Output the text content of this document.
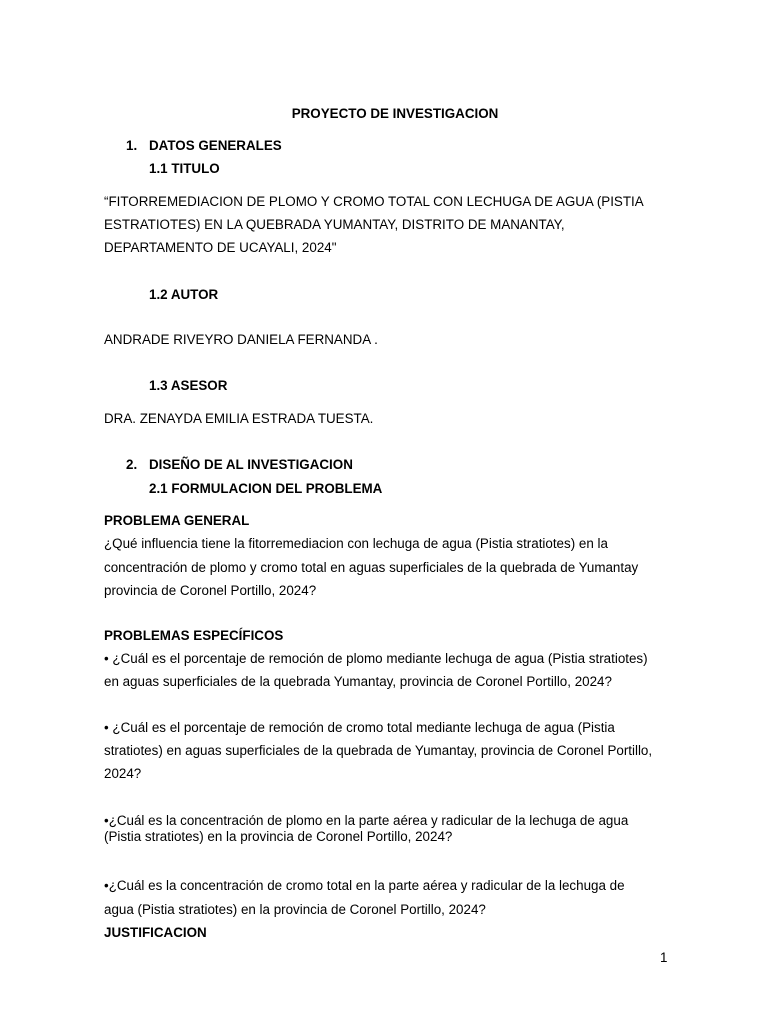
PROYECTO DE INVESTIGACION
1. DATOS GENERALES
1.1 TITULO
“FITORREMEDIACION DE PLOMO Y CROMO TOTAL CON LECHUGA DE AGUA (PISTIA
ESTRATIOTES) EN LA QUEBRADA YUMANTAY, DISTRITO DE MANANTAY,
DEPARTAMENTO DE UCAYALI, 2024"
1.2 AUTOR
ANDRADE RIVEYRO DANIELA FERNANDA .
1.3 ASESOR
DRA. ZENAYDA EMILIA ESTRADA TUESTA.
2. DISEÑO DE AL INVESTIGACION
2.1 FORMULACION DEL PROBLEMA
PROBLEMA GENERAL
¿Qué influencia tiene la fitorremediacion con lechuga de agua (Pistia stratiotes) en la
concentración de plomo y cromo total en aguas superficiales de la quebrada de Yumantay
provincia de Coronel Portillo, 2024?
PROBLEMAS ESPECÍFICOS
• ¿Cuál es el porcentaje de remoción de plomo mediante lechuga de agua (Pistia stratiotes)
en aguas superficiales de la quebrada Yumantay, provincia de Coronel Portillo, 2024?
• ¿Cuál es el porcentaje de remoción de cromo total mediante lechuga de agua (Pistia
stratiotes) en aguas superficiales de la quebrada de Yumantay, provincia de Coronel Portillo,
2024?
•¿Cuál es la concentración de plomo en la parte aérea y radicular de la lechuga de agua
(Pistia stratiotes) en la provincia de Coronel Portillo, 2024?
•¿Cuál es la concentración de cromo total en la parte aérea y radicular de la lechuga de
agua (Pistia stratiotes) en la provincia de Coronel Portillo, 2024?
JUSTIFICACION
1
